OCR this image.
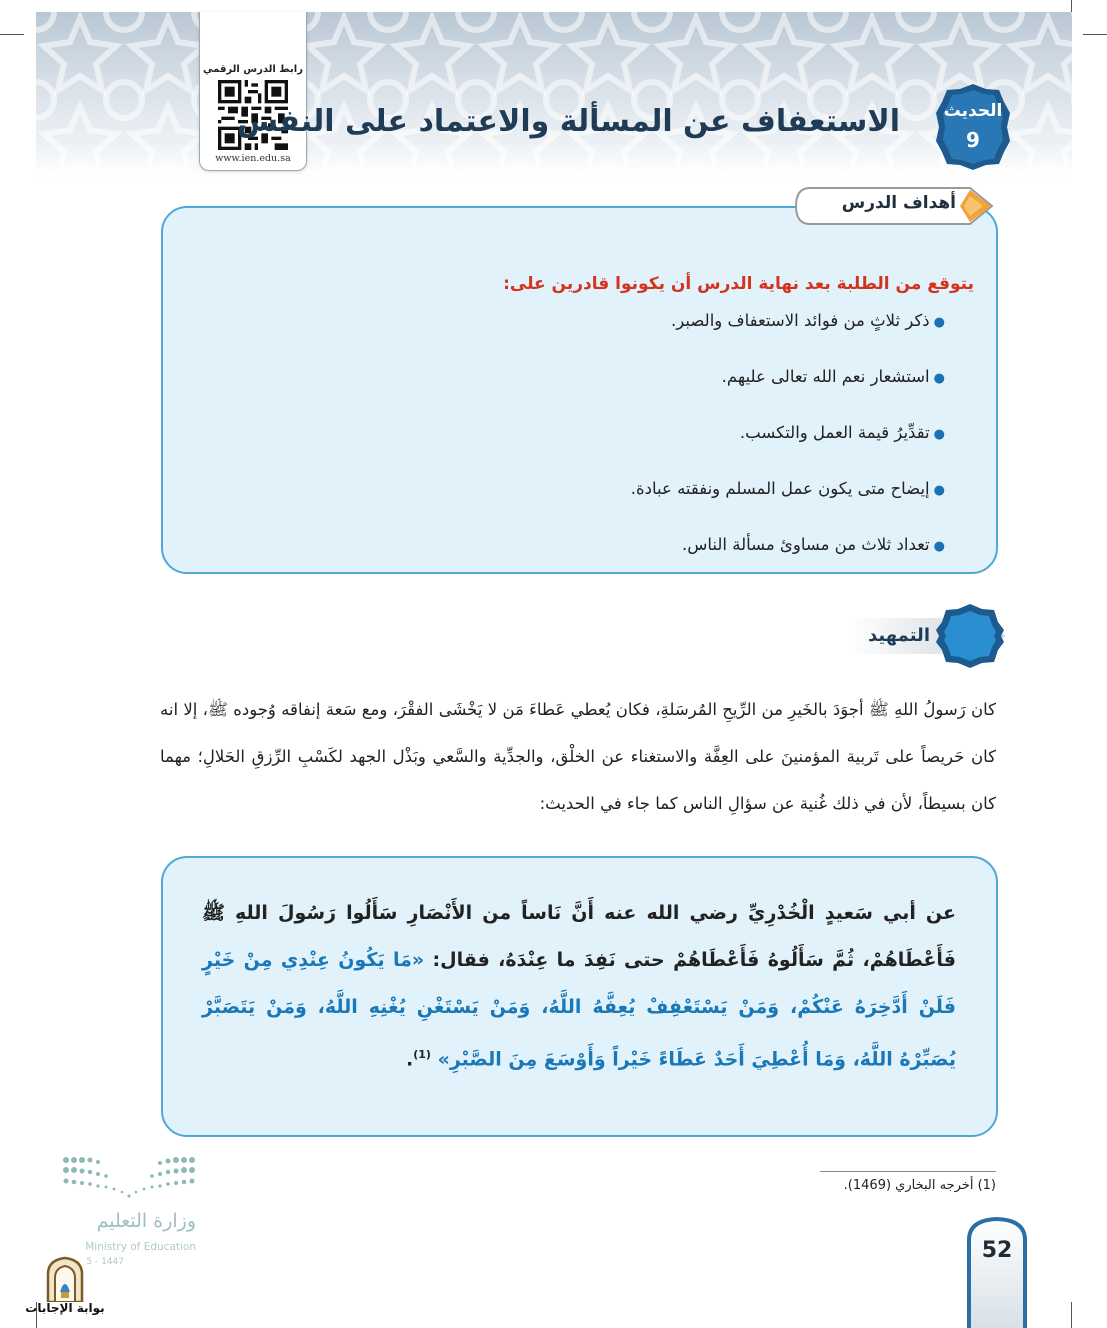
رابط الدرس الرقمي
www.ien.edu.sa
الاستعفاف عن المسألة والاعتماد على النفس	الحديث
9
أهداف الدرس
يتوقع من الطلبة بعد نهاية الدرس أن يكونوا قادرين على:
●ذكر ثلاثٍ من فوائد الاستعفاف والصبر.
●استشعار نعم الله تعالى عليهم.
●تقدِّيرُ قيمة العمل والتكسب.
●إيضاح متى يكون عمل المسلم ونفقته عبادة.
●تعداد ثلاث من مساوئ مسألة الناس.
التمهيد
كان رَسولُ اللهِ ﷺ أجوَدَ بالخَيرِ من الرِّيحِ المُرسَلةِ، فكان يُعطي عَطاءَ مَن لا يَخْشَى الفقْرَ، ومع سَعة إنفاقه وُجوده ﷺ، إلا انه كان حَريصاً على تَربية المؤمنينَ على العِفَّة والاستغناء عن الخلْق، والجدِّية والسَّعي وبَذْل الجهد لكَسْبِ الرِّزقِ الحَلالِ؛ مهما كان بسيطاً، لأن في ذلك غُنية عن سؤالِ الناس كما جاء في الحديث:
عن أبي سَعيدٍ الْخُدْرِيِّ رضي الله عنه أَنَّ نَاساً من الأَنْصَارِ سَأَلُوا رَسُولَ اللهِ ﷺ فَأَعْطَاهُمْ، ثُمَّ سَأَلُوهُ فَأَعْطَاهُمْ حتى نَفِدَ ما عِنْدَهُ، فقال: «مَا يَكُونُ عِنْدِي مِنْ خَيْرٍ فَلَنْ أَدَّخِرَهُ عَنْكُمْ، وَمَنْ يَسْتَعْفِفْ يُعِفَّهُ اللَّهُ، وَمَنْ يَسْتَغْنِ يُغْنِهِ اللَّهُ، وَمَنْ يَتَصَبَّرْ يُصَبِّرْهُ اللَّهُ، وَمَا أُعْطِيَ أَحَدٌ عَطَاءً خَيْراً وَأَوْسَعَ مِنَ الصَّبْرِ» $^{(1)}$.
(1) أخرجه البخاري (1469).
52
وزارة التعليم
Ministry of Education
5 - 1447
بوابة الإجابات
